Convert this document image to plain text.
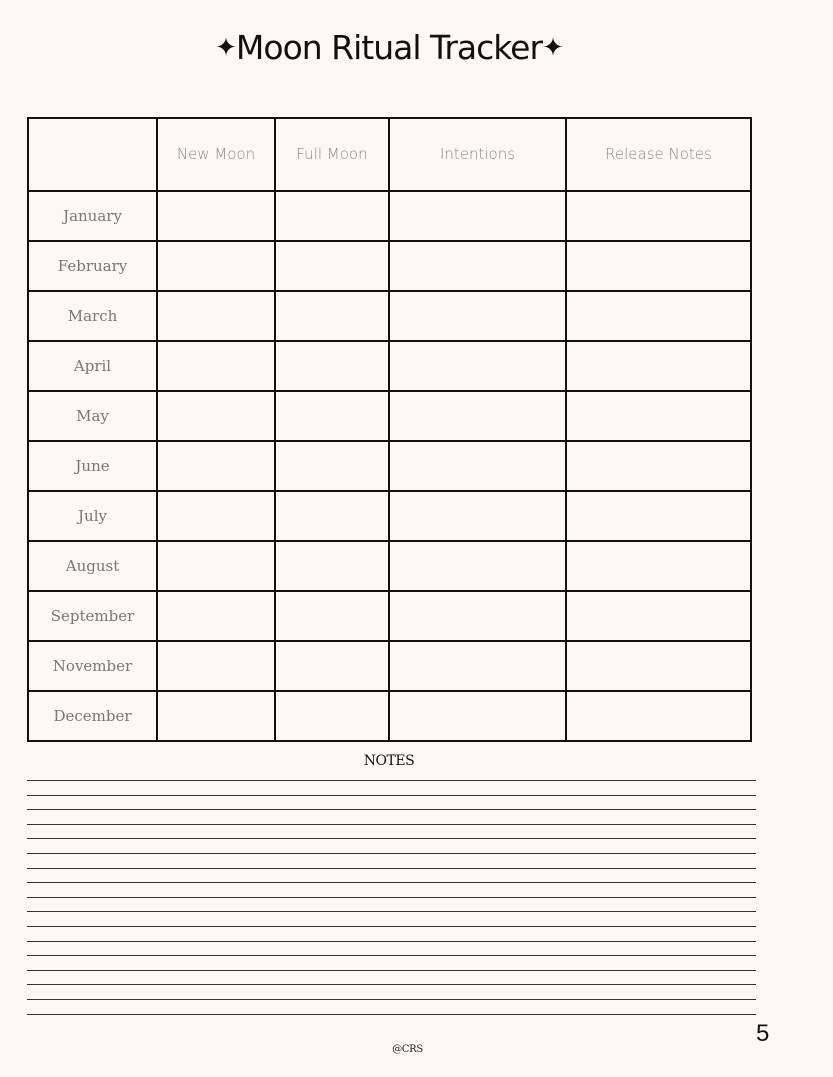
✦Moon Ritual Tracker✦
	New Moon	Full Moon	Intentions	Release Notes
January				
February				
March				
April				
May				
June				
July				
August				
September				
November				
December				
NOTES
5
@CRS
